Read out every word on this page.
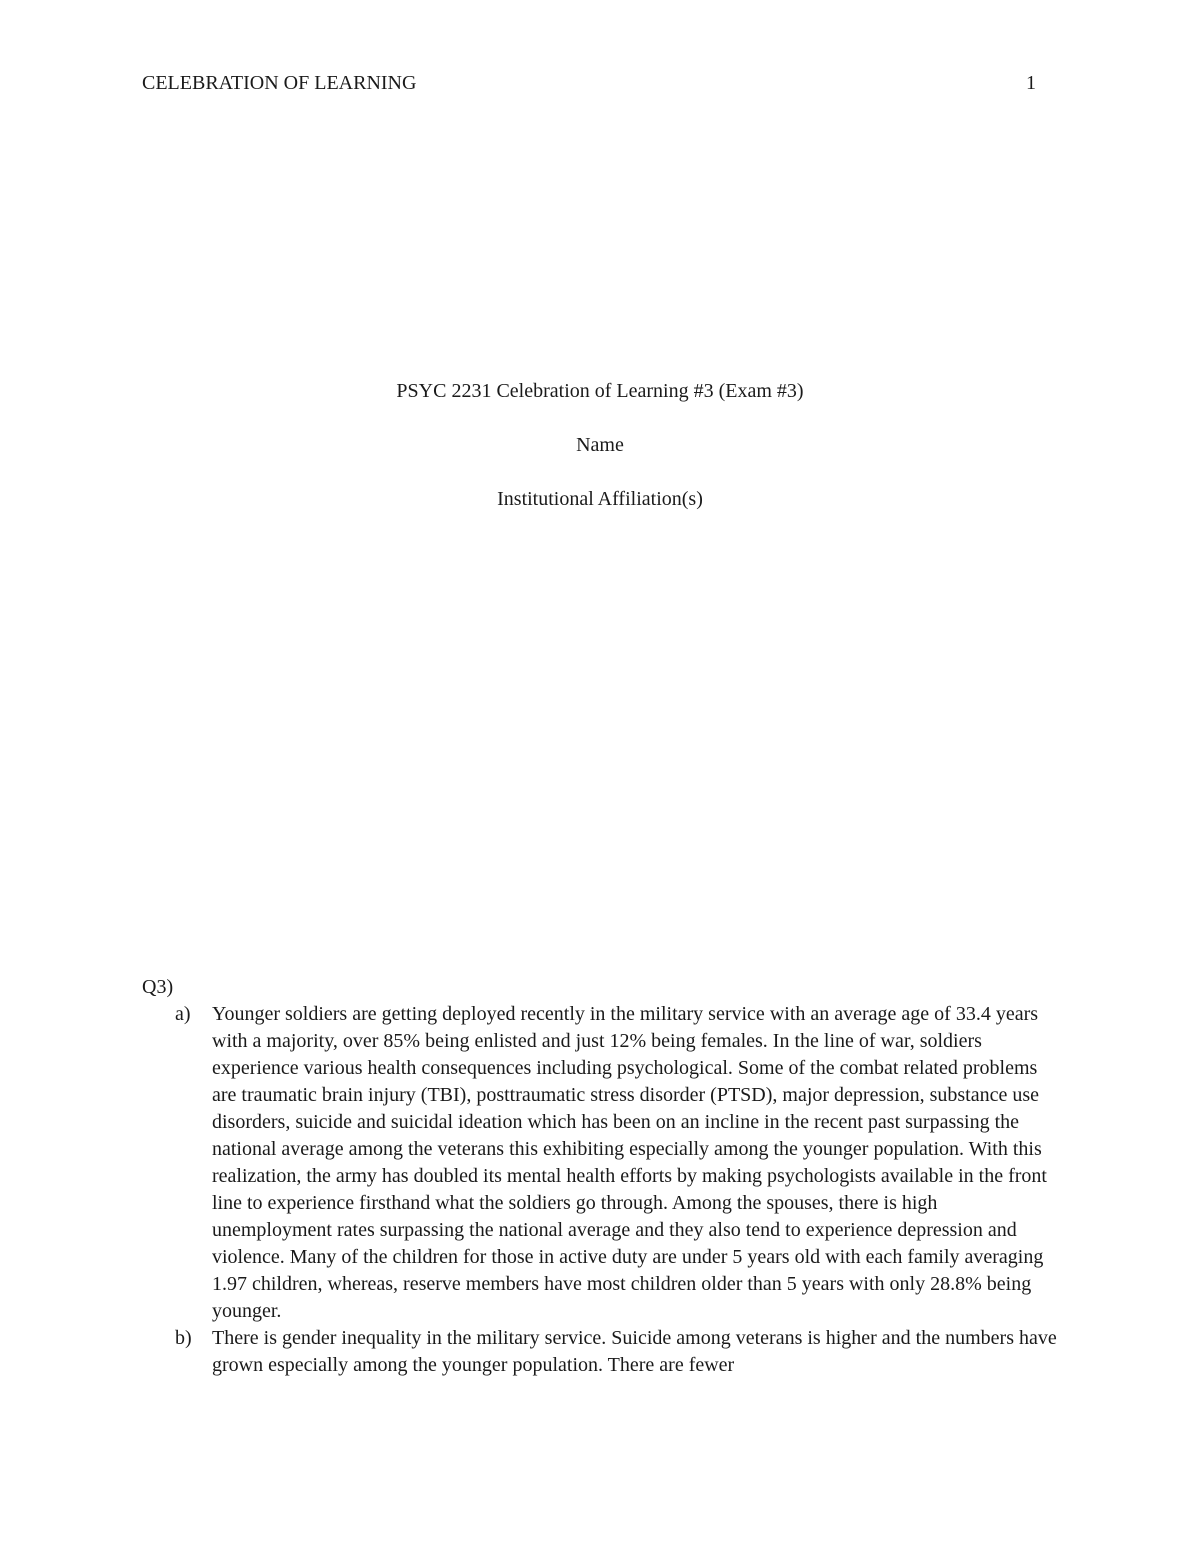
CELEBRATION OF LEARNING	1
PSYC 2231 Celebration of Learning #3 (Exam #3)
Name
Institutional Affiliation(s)
Q3)
a) Younger soldiers are getting deployed recently in the military service with an average age of 33.4 years with a majority, over 85% being enlisted and just 12% being females. In the line of war, soldiers experience various health consequences including psychological. Some of the combat related problems are traumatic brain injury (TBI), posttraumatic stress disorder (PTSD), major depression, substance use disorders, suicide and suicidal ideation which has been on an incline in the recent past surpassing the national average among the veterans this exhibiting especially among the younger population. With this realization, the army has doubled its mental health efforts by making psychologists available in the front line to experience firsthand what the soldiers go through. Among the spouses, there is high unemployment rates surpassing the national average and they also tend to experience depression and violence. Many of the children for those in active duty are under 5 years old with each family averaging 1.97 children, whereas, reserve members have most children older than 5 years with only 28.8% being younger.
b) There is gender inequality in the military service. Suicide among veterans is higher and the numbers have grown especially among the younger population. There are fewer
